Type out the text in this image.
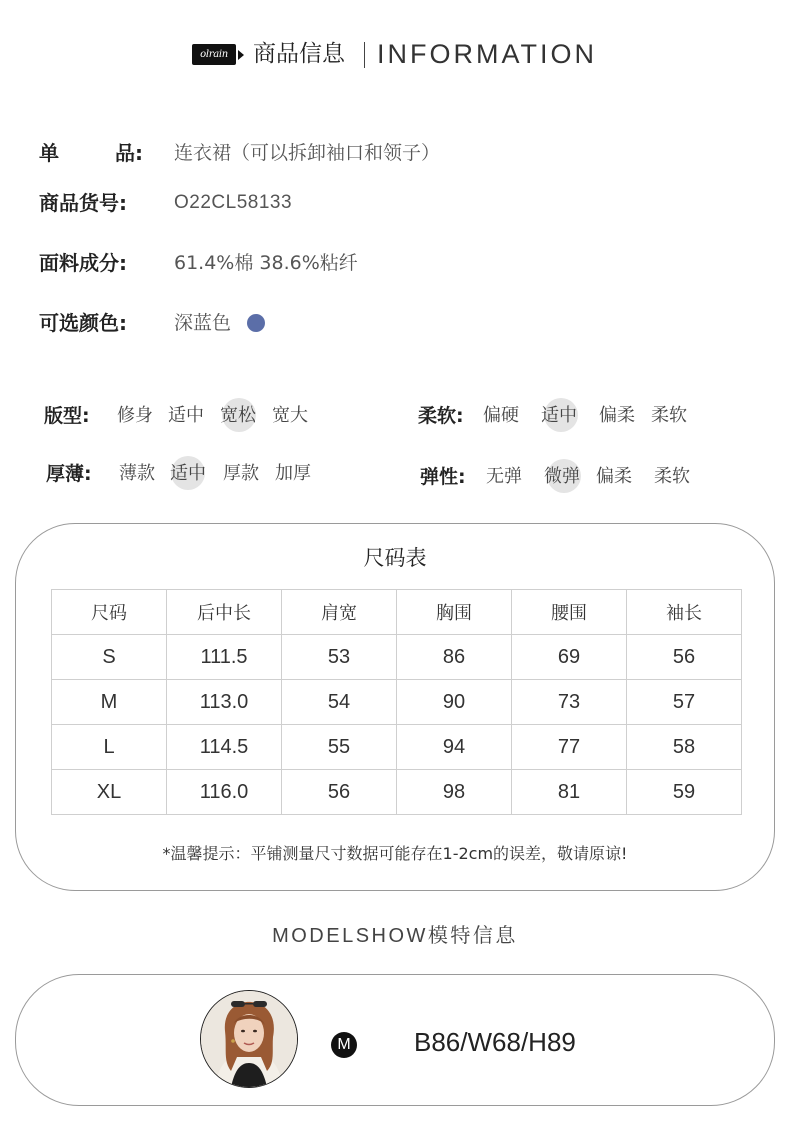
olrain	商品信息 INFORMATION
单	品: 连衣裙（可以拆卸袖口和领子）
商品货号: O22CL58133
面料成分: 61.4%棉 38.6%粘纤
可选颜色: 深蓝色
版型: 修身 适中 宽松 宽大	柔软: 偏硬 适中 偏柔 柔软
厚薄: 薄款 适中 厚款 加厚	弹性: 无弹 微弹 偏柔 柔软
尺码表
尺码	后中长	肩宽	胸围	腰围	袖长
S	111.5	53	86	69	56
M	113.0	54	90	73	57
L	114.5	55	94	77	58
XL	116.0	56	98	81	59
*温馨提示：平铺测量尺寸数据可能存在1-2cm的误差，敬请原谅!
MODELSHOW模特信息
M B86/W68/H89
